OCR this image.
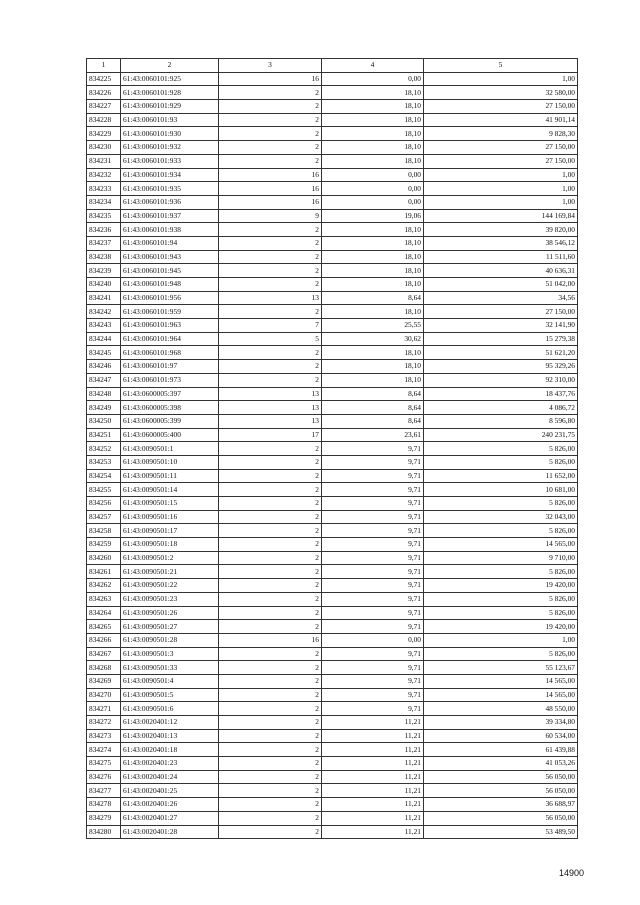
1	2	3	4	5
834225	61:43:0060101:925	16	0,00	1,00
834226	61:43:0060101:928	2	18,10	32 580,00
834227	61:43:0060101:929	2	18,10	27 150,00
834228	61:43:0060101:93	2	18,10	41 901,14
834229	61:43:0060101:930	2	18,10	9 828,30
834230	61:43:0060101:932	2	18,10	27 150,00
834231	61:43:0060101:933	2	18,10	27 150,00
834232	61:43:0060101:934	16	0,00	1,00
834233	61:43:0060101:935	16	0,00	1,00
834234	61:43:0060101:936	16	0,00	1,00
834235	61:43:0060101:937	9	19,06	144 169,84
834236	61:43:0060101:938	2	18,10	39 820,00
834237	61:43:0060101:94	2	18,10	38 546,12
834238	61:43:0060101:943	2	18,10	11 511,60
834239	61:43:0060101:945	2	18,10	40 636,31
834240	61:43:0060101:948	2	18,10	51 042,00
834241	61:43:0060101:956	13	8,64	34,56
834242	61:43:0060101:959	2	18,10	27 150,00
834243	61:43:0060101:963	7	25,55	32 141,90
834244	61:43:0060101:964	5	30,62	15 279,38
834245	61:43:0060101:968	2	18,10	51 621,20
834246	61:43:0060101:97	2	18,10	95 329,26
834247	61:43:0060101:973	2	18,10	92 310,00
834248	61:43:0600005:397	13	8,64	18 437,76
834249	61:43:0600005:398	13	8,64	4 086,72
834250	61:43:0600005:399	13	8,64	8 596,80
834251	61:43:0600005:400	17	23,61	240 231,75
834252	61:43:0090501:1	2	9,71	5 826,00
834253	61:43:0090501:10	2	9,71	5 826,00
834254	61:43:0090501:11	2	9,71	11 652,00
834255	61:43:0090501:14	2	9,71	10 681,00
834256	61:43:0090501:15	2	9,71	5 826,00
834257	61:43:0090501:16	2	9,71	32 043,00
834258	61:43:0090501:17	2	9,71	5 826,00
834259	61:43:0090501:18	2	9,71	14 565,00
834260	61:43:0090501:2	2	9,71	9 710,00
834261	61:43:0090501:21	2	9,71	5 826,00
834262	61:43:0090501:22	2	9,71	19 420,00
834263	61:43:0090501:23	2	9,71	5 826,00
834264	61:43:0090501:26	2	9,71	5 826,00
834265	61:43:0090501:27	2	9,71	19 420,00
834266	61:43:0090501:28	16	0,00	1,00
834267	61:43:0090501:3	2	9,71	5 826,00
834268	61:43:0090501:33	2	9,71	55 123,67
834269	61:43:0090501:4	2	9,71	14 565,00
834270	61:43:0090501:5	2	9,71	14 565,00
834271	61:43:0090501:6	2	9,71	48 550,00
834272	61:43:0020401:12	2	11,21	39 334,80
834273	61:43:0020401:13	2	11,21	60 534,00
834274	61:43:0020401:18	2	11,21	61 439,88
834275	61:43:0020401:23	2	11,21	41 053,26
834276	61:43:0020401:24	2	11,21	56 050,00
834277	61:43:0020401:25	2	11,21	56 050,00
834278	61:43:0020401:26	2	11,21	36 688,97
834279	61:43:0020401:27	2	11,21	56 050,00
834280	61:43:0020401:28	2	11,21	53 489,50
14900
